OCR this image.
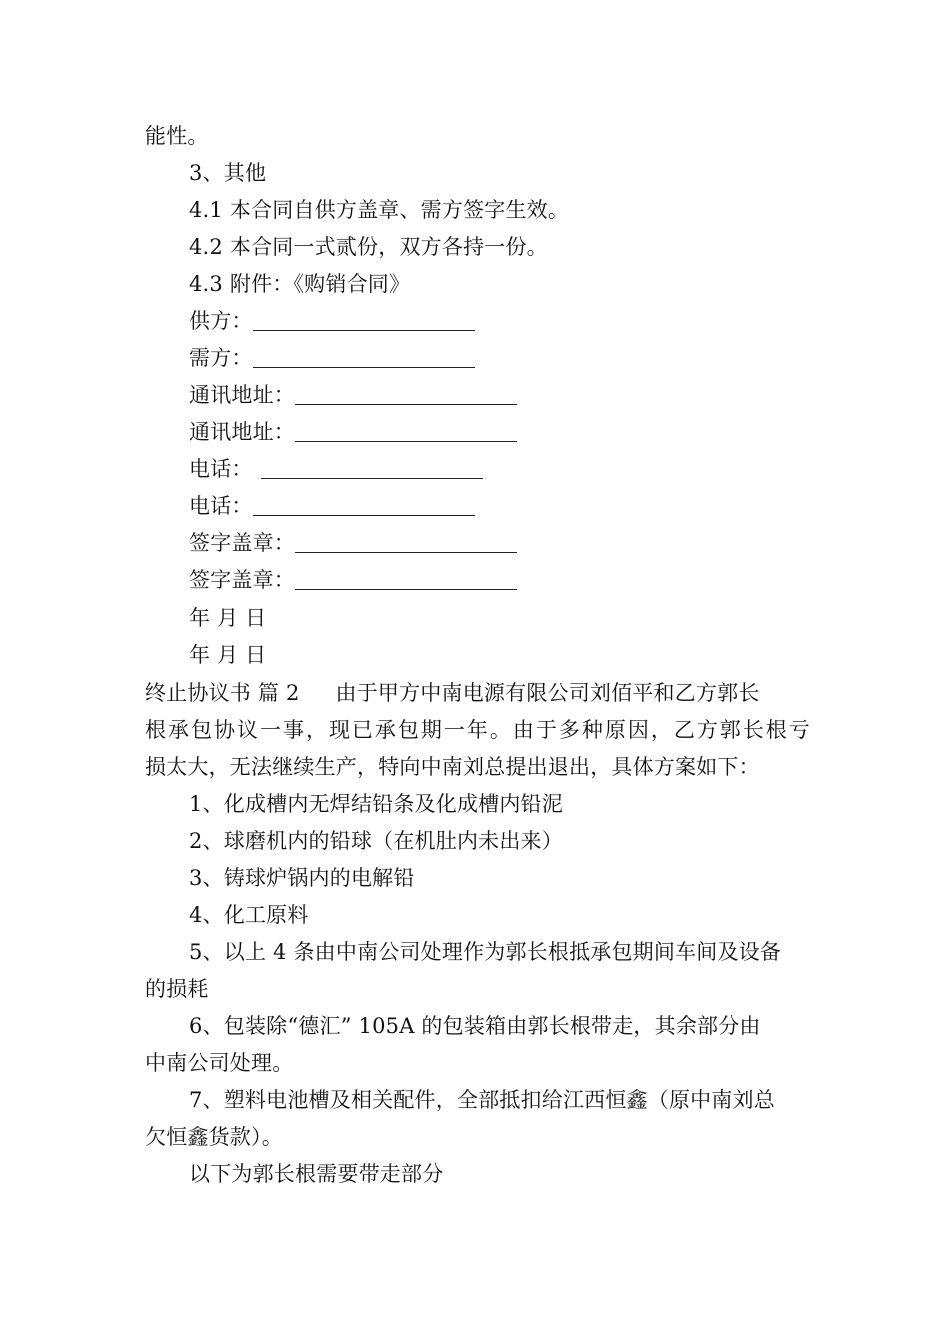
能性。
3、其他
4.1 本合同自供方盖章、需方签字生效。
4.2 本合同一式贰份，双方各持一份。
4.3 附件：《购销合同》
供方：
需方：
通讯地址：
通讯地址：
电话：
电话：
签字盖章：
签字盖章：
年 月 日
年 月 日
终止协议书 篇 2 由于甲方中南电源有限公司刘佰平和乙方郭长
根承包协议一事，现已承包期一年。由于多种原因，乙方郭长根亏
损太大，无法继续生产，特向中南刘总提出退出，具体方案如下：
1、化成槽内无焊结铅条及化成槽内铅泥
2、球磨机内的铅球（在机肚内未出来）
3、铸球炉锅内的电解铅
4、化工原料
5、以上 4 条由中南公司处理作为郭长根抵承包期间车间及设备
的损耗
6、包装除“德汇” 105A 的包装箱由郭长根带走，其余部分由
中南公司处理。
7、塑料电池槽及相关配件，全部抵扣给江西恒鑫（原中南刘总
欠恒鑫货款）。
以下为郭长根需要带走部分
